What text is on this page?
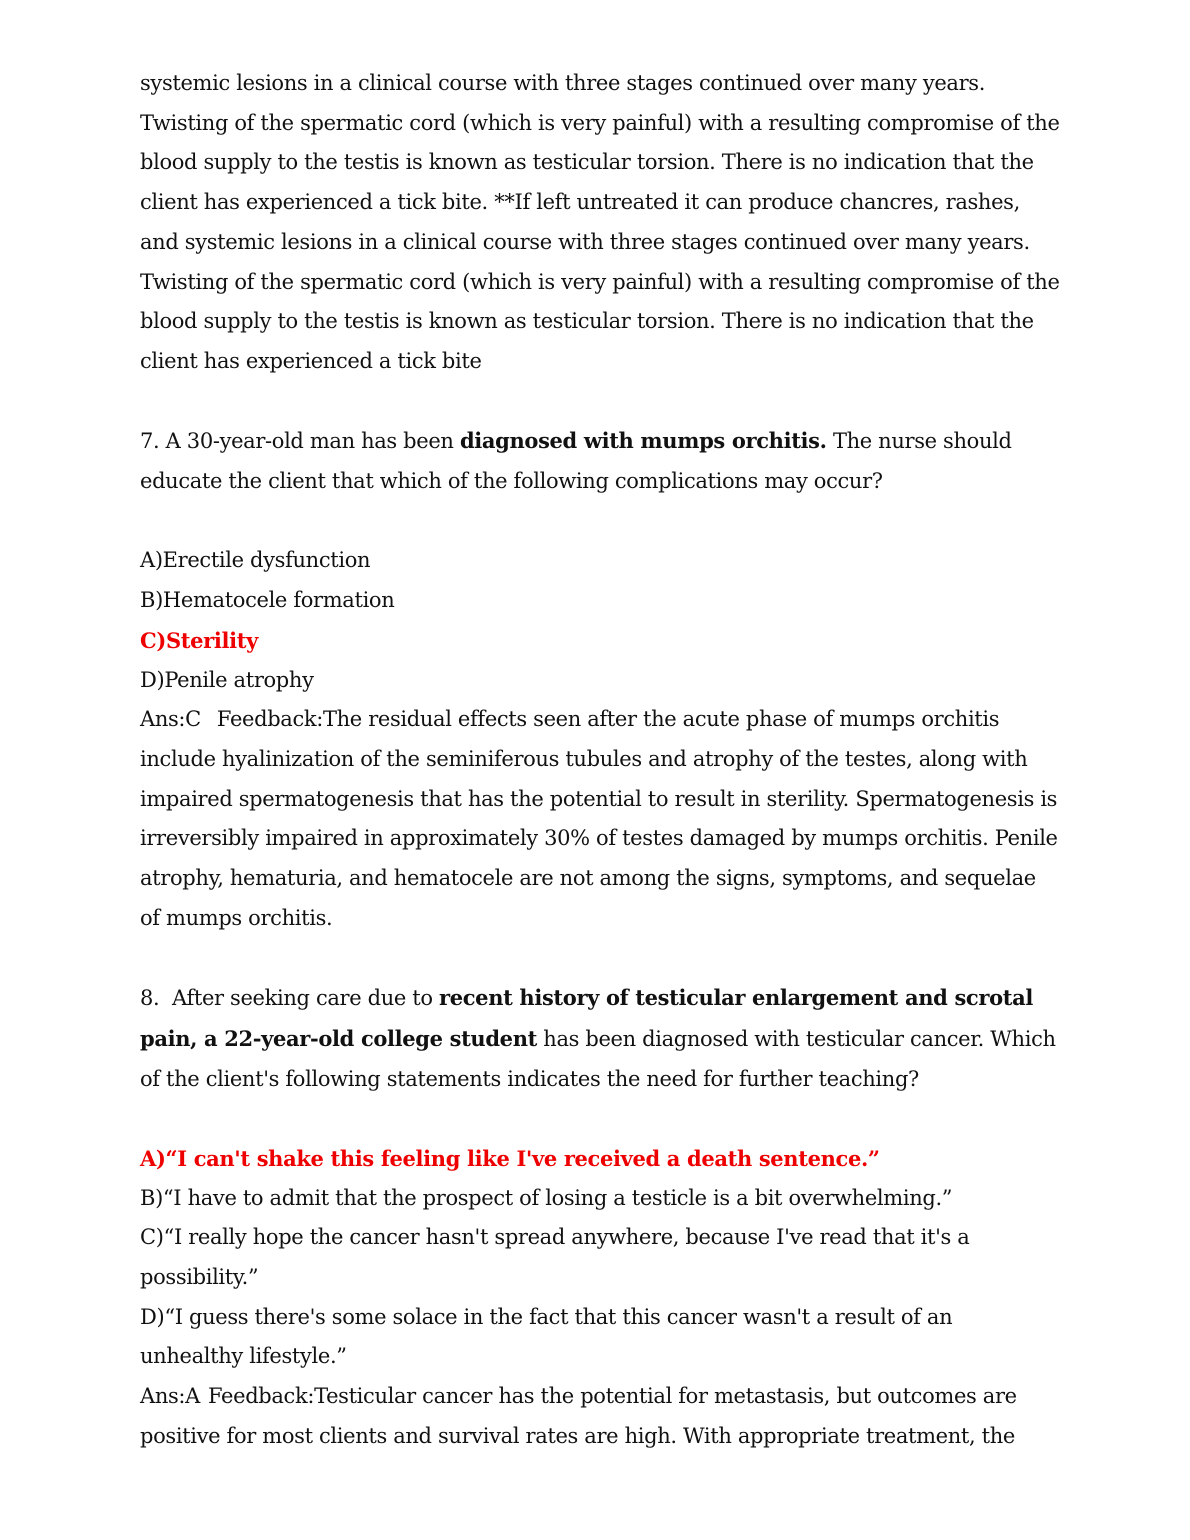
systemic lesions in a clinical course with three stages continued over many years. Twisting of the spermatic cord (which is very painful) with a resulting compromise of the blood supply to the testis is known as testicular torsion. There is no indication that the client has experienced a tick bite. **If left untreated it can produce chancres, rashes, and systemic lesions in a clinical course with three stages continued over many years. Twisting of the spermatic cord (which is very painful) with a resulting compromise of the blood supply to the testis is known as testicular torsion. There is no indication that the client has experienced a tick bite

7. A 30-year-old man has been diagnosed with mumps orchitis. The nurse should educate the client that which of the following complications may occur?

A)Erectile dysfunction

B)Hematocele formation

C)Sterility

D)Penile atrophy

Ans:C Feedback:The residual effects seen after the acute phase of mumps orchitis include hyalinization of the seminiferous tubules and atrophy of the testes, along with impaired spermatogenesis that has the potential to result in sterility. Spermatogenesis is irreversibly impaired in approximately 30% of testes damaged by mumps orchitis. Penile atrophy, hematuria, and hematocele are not among the signs, symptoms, and sequelae of mumps orchitis.

8.  After seeking care due to recent history of testicular enlargement and scrotal pain, a 22-year-old college student has been diagnosed with testicular cancer. Which of the client's following statements indicates the need for further teaching?

A)“I can't shake this feeling like I've received a death sentence.”

B)“I have to admit that the prospect of losing a testicle is a bit overwhelming.”

C)“I really hope the cancer hasn't spread anywhere, because I've read that it's a possibility.”

D)“I guess there's some solace in the fact that this cancer wasn't a result of an unhealthy lifestyle.”

Ans:A Feedback:Testicular cancer has the potential for metastasis, but outcomes are positive for most clients and survival rates are high. With appropriate treatment, the
